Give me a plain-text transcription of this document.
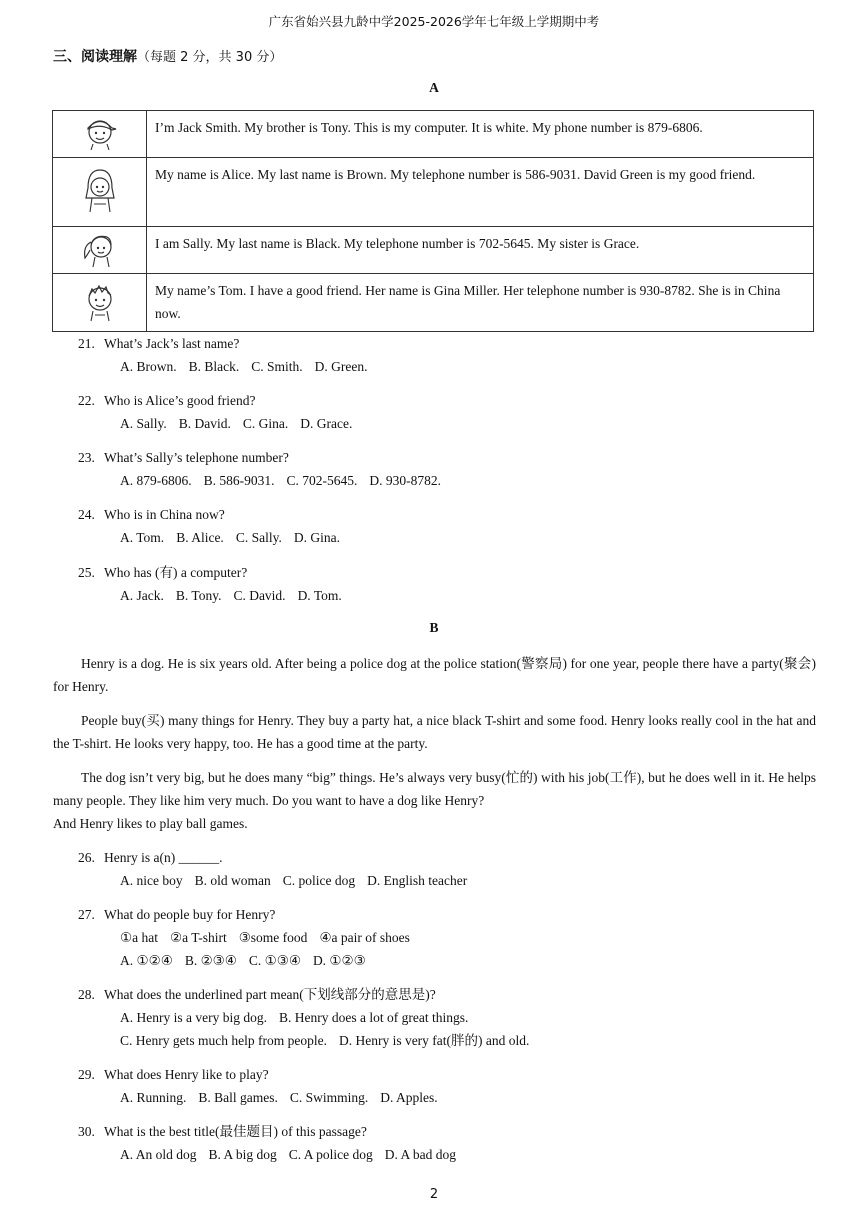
广东省始兴县九龄中学2025-2026学年七年级上学期期中考
三、阅读理解（每题 2 分，共 30 分）
A
	I’m Jack Smith. My brother is Tony. This is my computer. It is white. My phone number is 879-6806.
	My name is Alice. My last name is Brown. My telephone number is 586-9031. David Green is my good friend.
	I am Sally. My last name is Black. My telephone number is 702-5645. My sister is Grace.
	My name’s Tom. I have a good friend. Her name is Gina Miller. Her telephone number is 930-8782. She is in China now.
21. What’s Jack’s last name?
A. Brown. B. Black. C. Smith. D. Green.
22. Who is Alice’s good friend?
A. Sally. B. David. C. Gina. D. Grace.
23. What’s Sally’s telephone number?
A. 879-6806. B. 586-9031. C. 702-5645. D. 930-8782.
24. Who is in China now?
A. Tom. B. Alice. C. Sally. D. Gina.
25. Who has (有) a computer?
A. Jack. B. Tony. C. David. D. Tom.
B
Henry is a dog. He is six years old. After being a police dog at the police station(警察局) for one year, people there have a party(聚会) for Henry.
People buy(买) many things for Henry. They buy a party hat, a nice black T-shirt and some food. Henry looks really cool in the hat and the T-shirt. He looks very happy, too. He has a good time at the party.
The dog isn’t very big, but he does many “big” things. He’s always very busy(忙的) with his job(工作), but he does well in it. He helps many people. They like him very much. Do you want to have a dog like Henry?
And Henry likes to play ball games.
26. Henry is a(n) ______.
A. nice boy B. old woman C. police dog D. English teacher
27. What do people buy for Henry?
①a hat ②a T-shirt ③some food ④a pair of shoes
A. ①②④ B. ②③④ C. ①③④ D. ①②③
28. What does the underlined part mean(下划线部分的意思是)?
A. Henry is a very big dog. B. Henry does a lot of great things.
C. Henry gets much help from people. D. Henry is very fat(胖的) and old.
29. What does Henry like to play?
A. Running. B. Ball games. C. Swimming. D. Apples.
30. What is the best title(最佳题目) of this passage?
A. An old dog B. A big dog C. A police dog D. A bad dog
2
